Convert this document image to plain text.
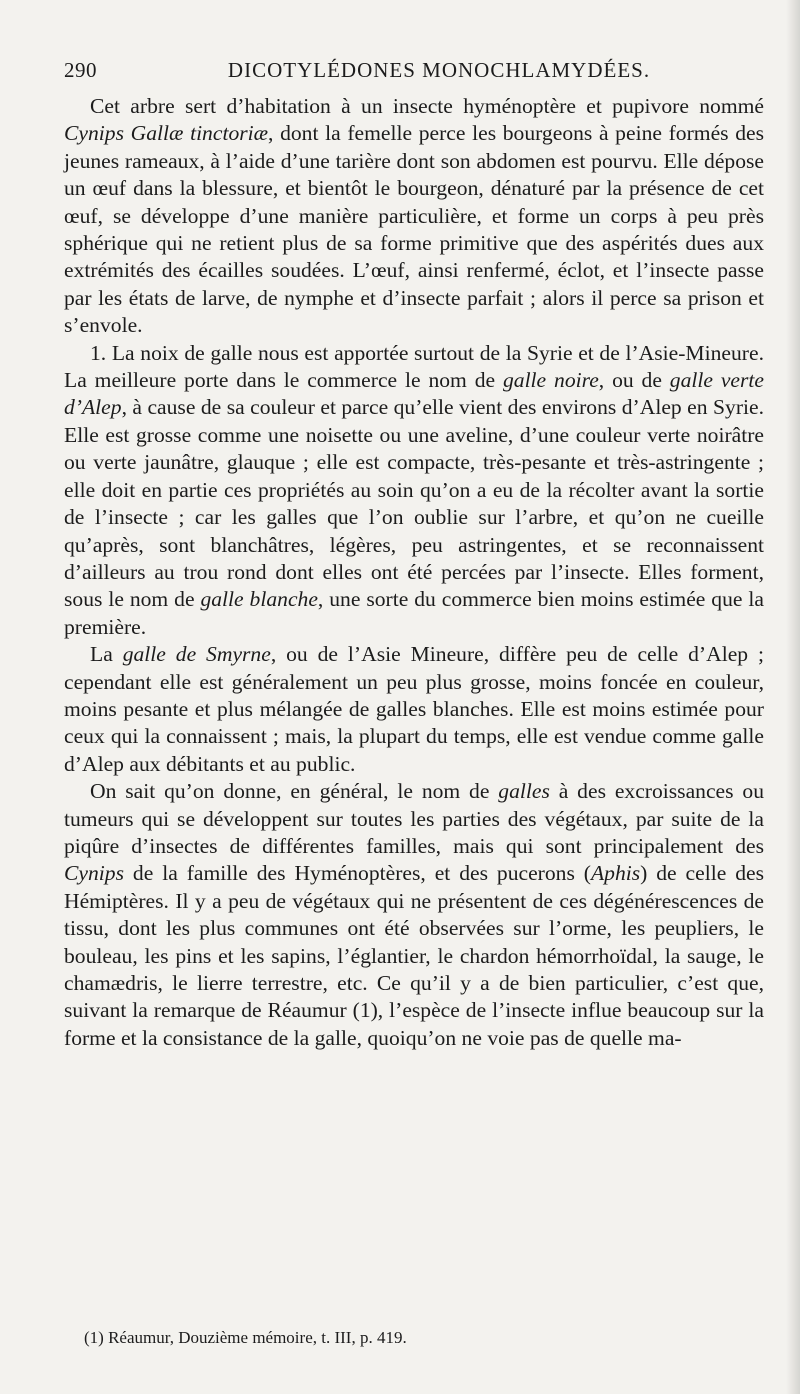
290	DICOTYLÉDONES MONOCHLAMYDÉES.

Cet arbre sert d’habitation à un insecte hyménoptère et pupivore nommé Cynips Gallæ tinctoriæ, dont la femelle perce les bourgeons à peine formés des jeunes rameaux, à l’aide d’une tarière dont son abdomen est pourvu. Elle dépose un œuf dans la blessure, et bientôt le bourgeon, dénaturé par la présence de cet œuf, se développe d’une manière particulière, et forme un corps à peu près sphérique qui ne retient plus de sa forme primitive que des aspérités dues aux extrémités des écailles soudées. L’œuf, ainsi renfermé, éclot, et l’insecte passe par les états de larve, de nymphe et d’insecte parfait ; alors il perce sa prison et s’envole.

1. La noix de galle nous est apportée surtout de la Syrie et de l’Asie-Mineure. La meilleure porte dans le commerce le nom de galle noire, ou de galle verte d’Alep, à cause de sa couleur et parce qu’elle vient des environs d’Alep en Syrie. Elle est grosse comme une noisette ou une aveline, d’une couleur verte noirâtre ou verte jaunâtre, glauque ; elle est compacte, très-pesante et très-astringente ; elle doit en partie ces propriétés au soin qu’on a eu de la récolter avant la sortie de l’insecte ; car les galles que l’on oublie sur l’arbre, et qu’on ne cueille qu’après, sont blanchâtres, légères, peu astringentes, et se reconnaissent d’ailleurs au trou rond dont elles ont été percées par l’insecte. Elles forment, sous le nom de galle blanche, une sorte du commerce bien moins estimée que la première.

La galle de Smyrne, ou de l’Asie Mineure, diffère peu de celle d’Alep ; cependant elle est généralement un peu plus grosse, moins foncée en couleur, moins pesante et plus mélangée de galles blanches. Elle est moins estimée pour ceux qui la connaissent ; mais, la plupart du temps, elle est vendue comme galle d’Alep aux débitants et au public.

On sait qu’on donne, en général, le nom de galles à des excroissances ou tumeurs qui se développent sur toutes les parties des végétaux, par suite de la piqûre d’insectes de différentes familles, mais qui sont principalement des Cynips de la famille des Hyménoptères, et des pucerons (Aphis) de celle des Hémiptères. Il y a peu de végétaux qui ne présentent de ces dégénérescences de tissu, dont les plus communes ont été observées sur l’orme, les peupliers, le bouleau, les pins et les sapins, l’églantier, le chardon hémorrhoïdal, la sauge, le chamædris, le lierre terrestre, etc. Ce qu’il y a de bien particulier, c’est que, suivant la remarque de Réaumur (1), l’espèce de l’insecte influe beaucoup sur la forme et la consistance de la galle, quoiqu’on ne voie pas de quelle ma-

(1) Réaumur, Douzième mémoire, t. III, p. 419.
